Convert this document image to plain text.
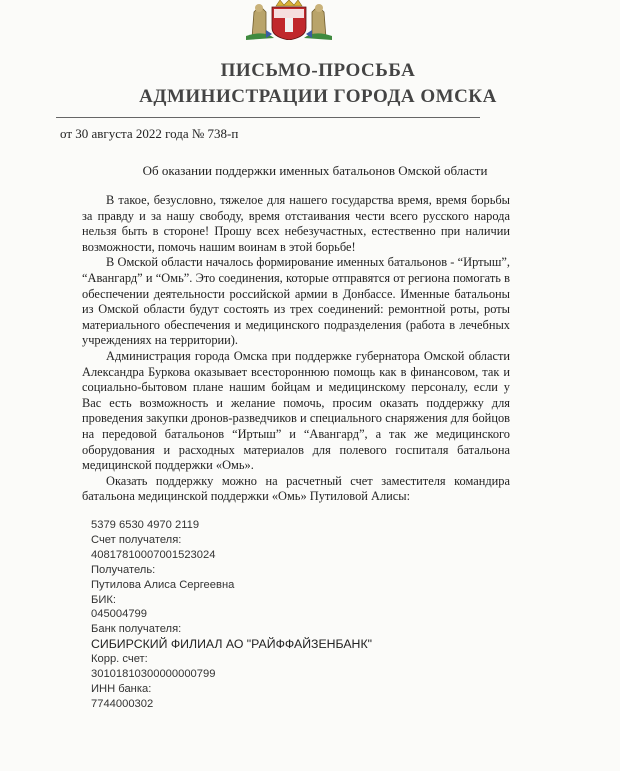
ПИСЬМО-ПРОСЬБА
АДМИНИСТРАЦИИ ГОРОДА ОМСКА
от 30 августа 2022 года № 738-п
Об оказании поддержки именных батальонов Омской области

В такое, безусловно, тяжелое для нашего государства время, время борьбы за правду и за нашу свободу, время отстаивания чести всего русского народа нельзя быть в стороне! Прошу всех небезучастных, естественно при наличии возможности, помочь нашим воинам в этой борьбе!

В Омской области началось формирование именных батальонов - “Иртыш”, “Авангард” и “Омь”. Это соединения, которые отправятся от региона помогать в обеспечении деятельности российской армии в Донбассе. Именные батальоны из Омской области будут состоять из трех соединений: ремонтной роты, роты материального обеспечения и медицинского подразделения (работа в лечебных учреждениях на территории).

Администрация города Омска при поддержке губернатора Омской области Александра Буркова оказывает всестороннюю помощь как в финансовом, так и социально-бытовом плане нашим бойцам и медицинскому персоналу, если у Вас есть возможность и желание помочь, просим оказать поддержку для проведения закупки дронов-разведчиков и специального снаряжения для бойцов на передовой батальонов “Иртыш” и “Авангард”, а так же медицинского оборудования и расходных материалов для полевого госпиталя батальона медицинской поддержки «Омь».

Оказать поддержку можно на расчетный счет заместителя командира батальона медицинской поддержки «Омь» Путиловой Алисы:

5379 6530 4970 2119
Счет получателя:
40817810007001523024
Получатель:
Путилова Алиса Сергеевна
БИК:
045004799
Банк получателя:
СИБИРСКИЙ ФИЛИАЛ АО "РАЙФФАЙЗЕНБАНК"
Корр. счет:
30101810300000000799
ИНН банка:
7744000302
